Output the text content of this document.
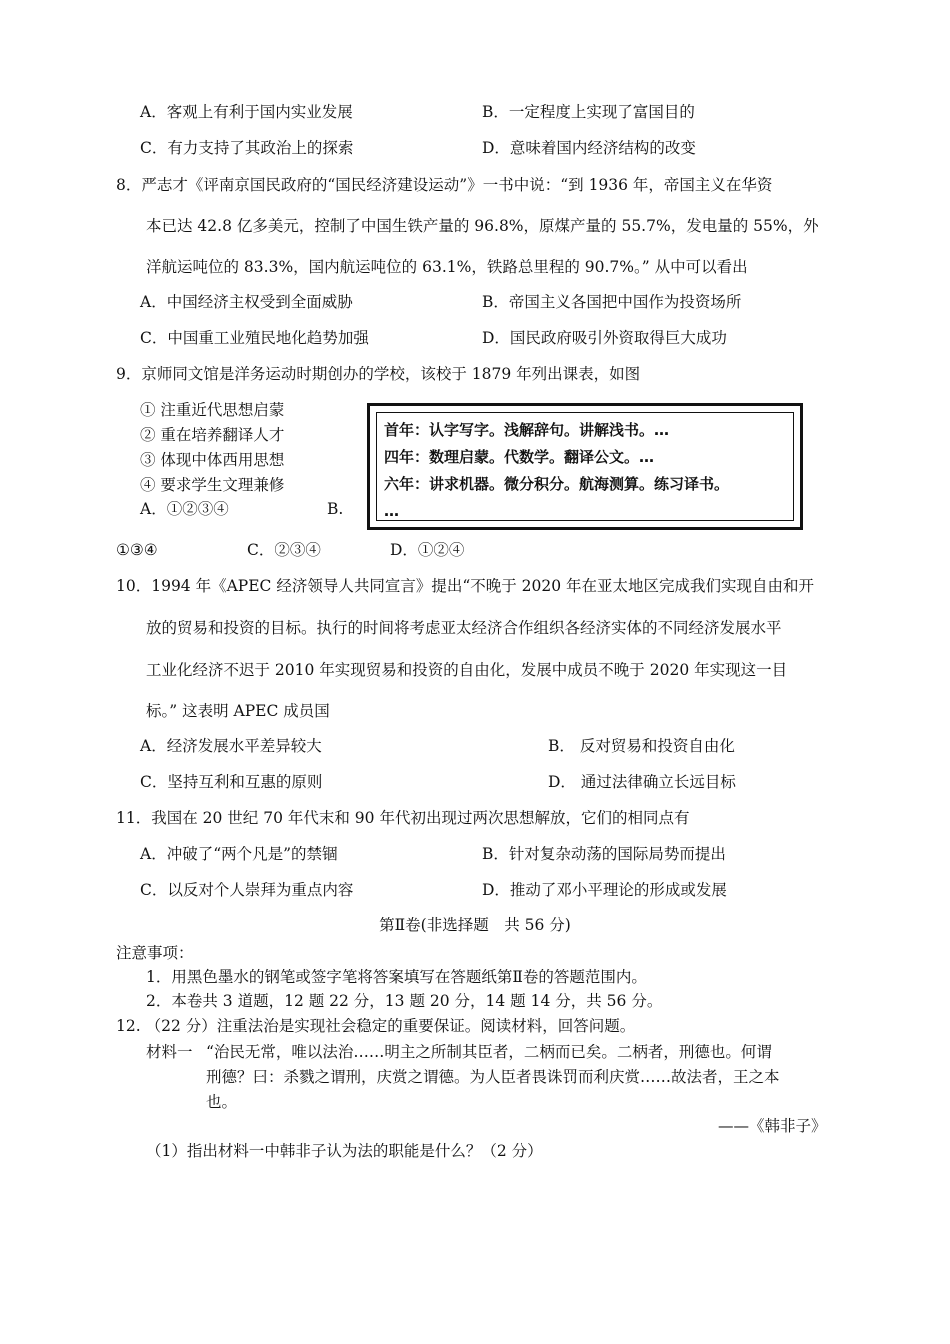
A．客观上有利于国内实业发展	B．一定程度上实现了富国目的
C．有力支持了其政治上的探索	D．意味着国内经济结构的改变
8．严志才《评南京国民政府的“国民经济建设运动”》一书中说：“到 1936 年，帝国主义在华资
本已达 42.8 亿多美元，控制了中国生铁产量的 96.8%，原煤产量的 55.7%，发电量的 55%，外
洋航运吨位的 83.3%，国内航运吨位的 63.1%，铁路总里程的 90.7%。” 从中可以看出
A．中国经济主权受到全面威胁	B．帝国主义各国把中国作为投资场所
C．中国重工业殖民地化趋势加强	D．国民政府吸引外资取得巨大成功
9．京师同文馆是洋务运动时期创办的学校，该校于 1879 年列出课表，如图
① 注重近代思想启蒙
② 重在培养翻译人才
③ 体现中体西用思想
④ 要求学生文理兼修
A．①②③④	B.
首年：认字写字。浅解辞句。讲解浅书。…
四年：数理启蒙。代数学。翻译公文。…
六年：讲求机器。微分积分。航海测算。练习译书。
…
①③④	C．②③④	D．①②④
10．1994 年《APEC 经济领导人共同宣言》提出“不晚于 2020 年在亚太地区完成我们实现自由和开
放的贸易和投资的目标。执行的时间将考虑亚太经济合作组织各经济实体的不同经济发展水平
工业化经济不迟于 2010 年实现贸易和投资的自由化，发展中成员不晚于 2020 年实现这一目
标。” 这表明 APEC 成员国
A．经济发展水平差异较大	B． 反对贸易和投资自由化
C．坚持互利和互惠的原则	D． 通过法律确立长远目标
11．我国在 20 世纪 70 年代末和 90 年代初出现过两次思想解放，它们的相同点有
A．冲破了“两个凡是”的禁锢	B．针对复杂动荡的国际局势而提出
C．以反对个人崇拜为重点内容	D．推动了邓小平理论的形成或发展
第Ⅱ卷(非选择题　共 56 分)
注意事项：
1．用黑色墨水的钢笔或签字笔将答案填写在答题纸第Ⅱ卷的答题范围内。
2．本卷共 3 道题，12 题 22 分，13 题 20 分，14 题 14 分，共 56 分。
12. （22 分）注重法治是实现社会稳定的重要保证。阅读材料，回答问题。
材料一 “治民无常，唯以法治……明主之所制其臣者，二柄而已矣。二柄者，刑德也。何谓
刑德？曰：杀戮之谓刑，庆赏之谓德。为人臣者畏诛罚而利庆赏……故法者，王之本
也。
——《韩非子》
（1）指出材料一中韩非子认为法的职能是什么？（2 分）
